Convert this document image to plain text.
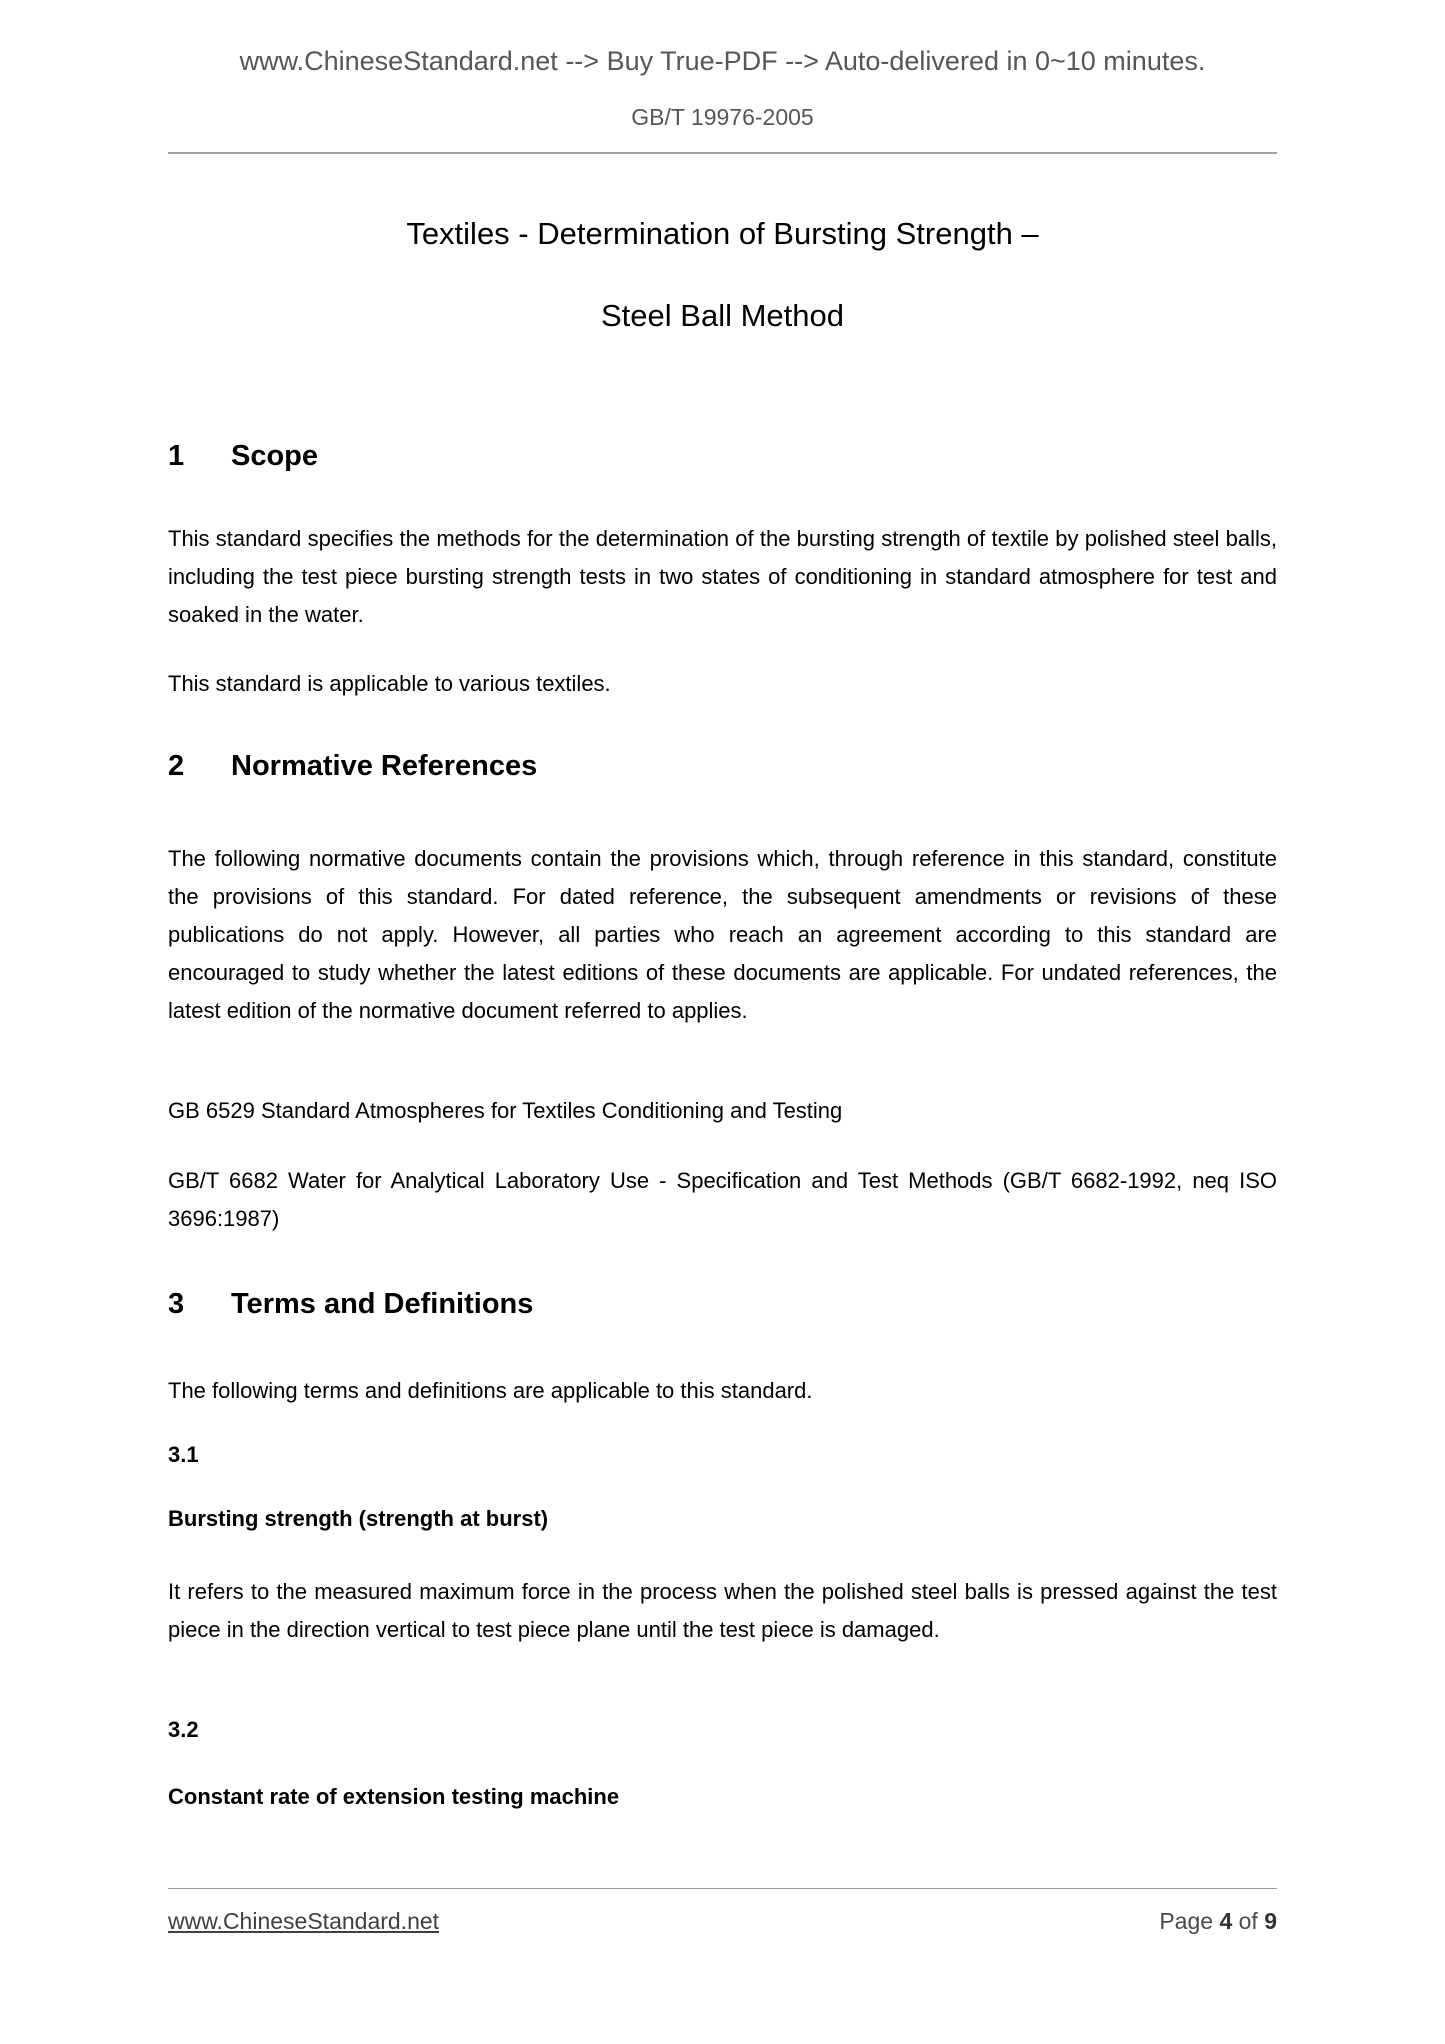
www.ChineseStandard.net --> Buy True-PDF --> Auto-delivered in 0~10 minutes.
GB/T 19976-2005
Textiles - Determination of Bursting Strength –
Steel Ball Method
1 Scope
This standard specifies the methods for the determination of the bursting strength of textile by polished steel balls, including the test piece bursting strength tests in two states of conditioning in standard atmosphere for test and soaked in the water.
This standard is applicable to various textiles.
2 Normative References
The following normative documents contain the provisions which, through reference in this standard, constitute the provisions of this standard. For dated reference, the subsequent amendments or revisions of these publications do not apply. However, all parties who reach an agreement according to this standard are encouraged to study whether the latest editions of these documents are applicable. For undated references, the latest edition of the normative document referred to applies.
GB 6529 Standard Atmospheres for Textiles Conditioning and Testing
GB/T 6682 Water for Analytical Laboratory Use - Specification and Test Methods (GB/T 6682-1992, neq ISO 3696:1987)
3 Terms and Definitions
The following terms and definitions are applicable to this standard.
3.1
Bursting strength (strength at burst)
It refers to the measured maximum force in the process when the polished steel balls is pressed against the test piece in the direction vertical to test piece plane until the test piece is damaged.
3.2
Constant rate of extension testing machine
www.ChineseStandard.net	Page 4 of 9
